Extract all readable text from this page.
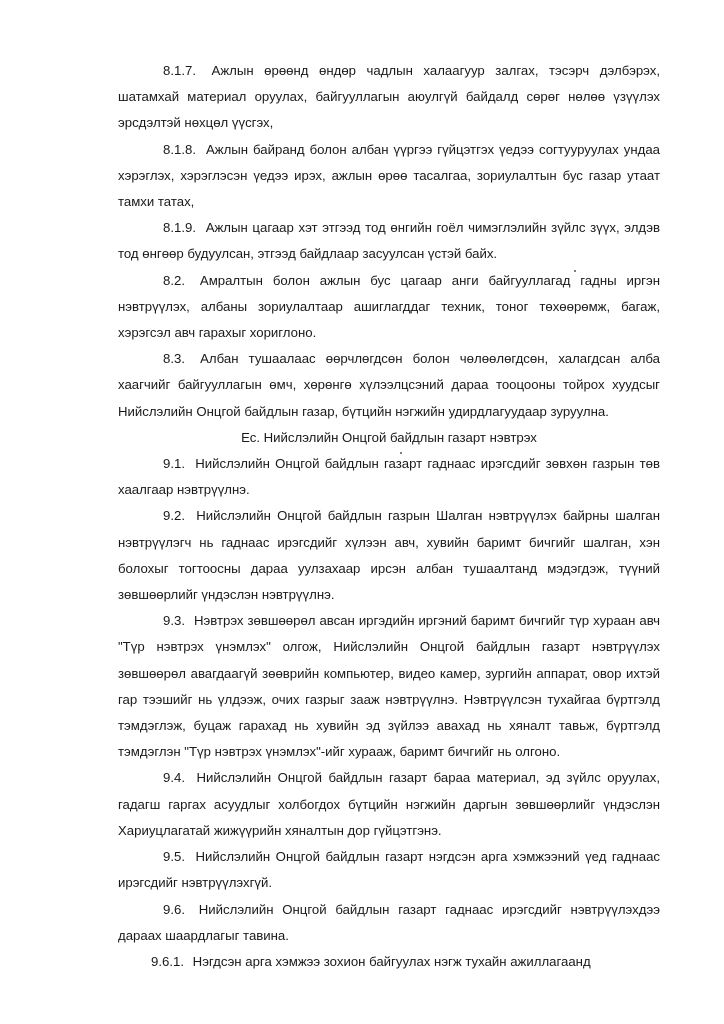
8.1.7. Ажлын өрөөнд өндөр чадлын халаагуур залгах, тэсэрч дэлбэрэх, шатамхай материал оруулах, байгууллагын аюулгүй байдалд сөрөг нөлөө үзүүлэх эрсдэлтэй нөхцөл үүсгэх,

8.1.8. Ажлын байранд болон албан үүргээ гүйцэтгэх үедээ согтууруулах ундаа хэрэглэх, хэрэглэсэн үедээ ирэх, ажлын өрөө тасалгаа, зориулалтын бус газар утаат тамхи татах,

8.1.9. Ажлын цагаар хэт этгээд тод өнгийн гоёл чимэглэлийн зүйлс зүүх, элдэв тод өнгөөр будуулсан, этгээд байдлаар засуулсан үстэй байх.

8.2. Амралтын болон ажлын бус цагаар анги байгууллагад гадны иргэн нэвтрүүлэх, албаны зориулалтаар ашиглагддаг техник, тоног төхөөрөмж, багаж, хэрэгсэл авч гарахыг хориглоно.

8.3. Албан тушаалаас өөрчлөгдсөн болон чөлөөлөгдсөн, халагдсан алба хаагчийг байгууллагын өмч, хөрөнгө хүлээлцсэний дараа тооцооны тойрох хуудсыг Нийслэлийн Онцгой байдлын газар, бүтцийн нэгжийн удирдлагуудаар зуруулна.

Ес. Нийслэлийн Онцгой байдлын газарт нэвтрэх

9.1. Нийслэлийн Онцгой байдлын газарт гаднаас ирэгсдийг зөвхөн газрын төв хаалгаар нэвтрүүлнэ.

9.2. Нийслэлийн Онцгой байдлын газрын Шалган нэвтрүүлэх байрны шалган нэвтрүүлэгч нь гаднаас ирэгсдийг хүлээн авч, хувийн баримт бичгийг шалган, хэн болохыг тогтоосны дараа уулзахаар ирсэн албан тушаалтанд мэдэгдэж, түүний зөвшөөрлийг үндэслэн нэвтрүүлнэ.

9.3. Нэвтрэх зөвшөөрөл авсан иргэдийн иргэний баримт бичгийг түр хураан авч "Түр нэвтрэх үнэмлэх" олгож, Нийслэлийн Онцгой байдлын газарт нэвтрүүлэх зөвшөөрөл авагдаагүй зөөврийн компьютер, видео камер, зургийн аппарат, овор ихтэй гар тээшийг нь үлдээж, очих газрыг зааж нэвтрүүлнэ. Нэвтрүүлсэн тухайгаа бүртгэлд тэмдэглэж, буцаж гарахад нь хувийн эд зүйлээ авахад нь хяналт тавьж, бүртгэлд тэмдэглэн "Түр нэвтрэх үнэмлэх"-ийг хурааж, баримт бичгийг нь олгоно.

9.4. Нийслэлийн Онцгой байдлын газарт бараа материал, эд зүйлс оруулах, гадагш гаргах асуудлыг холбогдох бүтцийн нэгжийн даргын зөвшөөрлийг үндэслэн Хариуцлагатай жижүүрийн хяналтын дор гүйцэтгэнэ.

9.5. Нийслэлийн Онцгой байдлын газарт нэгдсэн арга хэмжээний үед гаднаас ирэгсдийг нэвтрүүлэхгүй.

9.6. Нийслэлийн Онцгой байдлын газарт гаднаас ирэгсдийг нэвтрүүлэхдээ дараах шаардлагыг тавина.

9.6.1. Нэгдсэн арга хэмжээ зохион байгуулах нэгж тухайн ажиллагаанд
